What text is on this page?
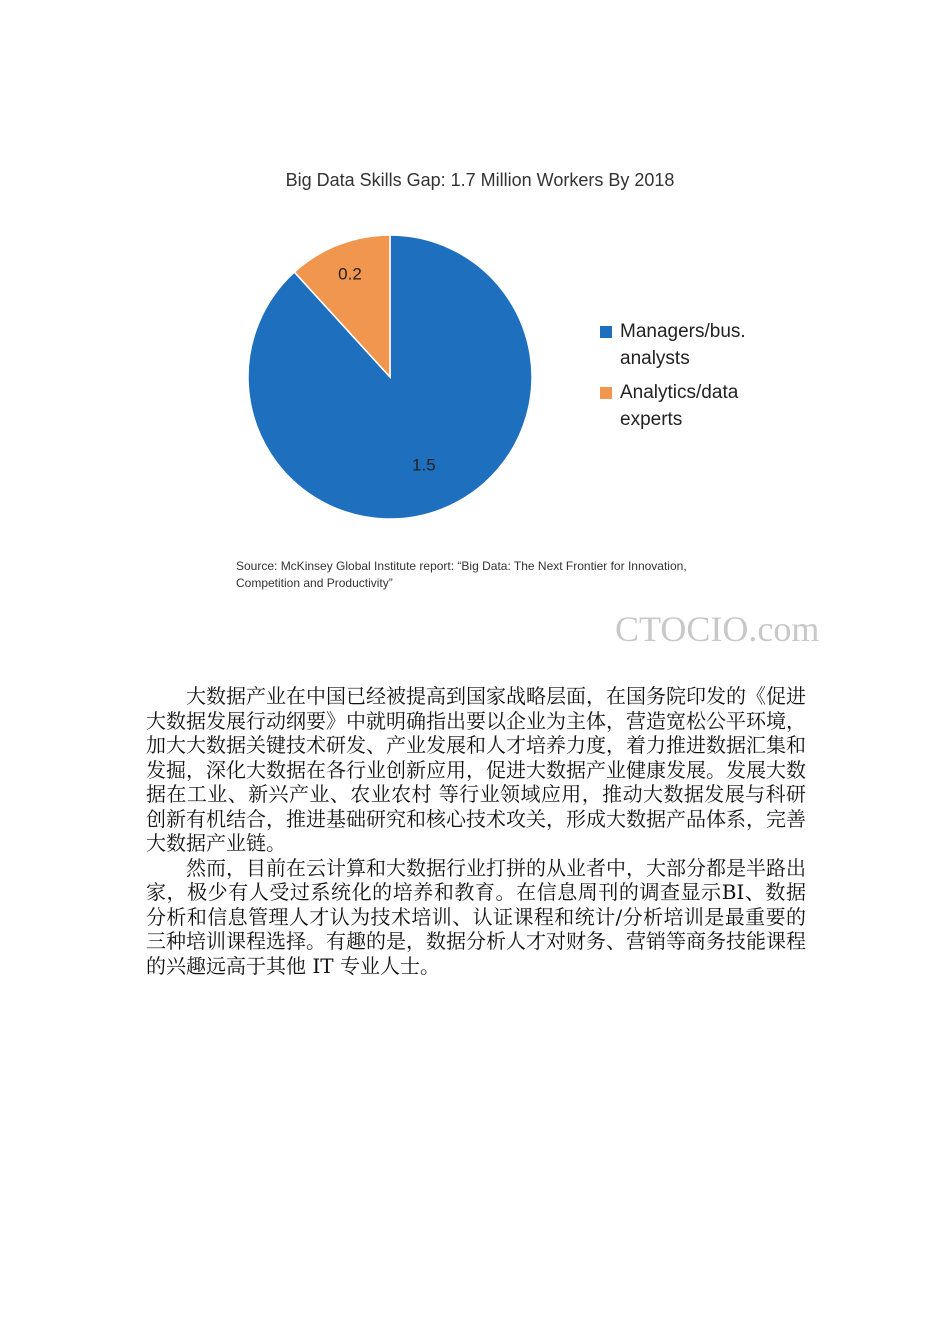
Big Data Skills Gap: 1.7 Million Workers By 2018
1.5
0.2
Managers/bus.
analysts
Analytics/data
experts
Source: McKinsey Global Institute report: “Big Data: The Next Frontier for Innovation,
Competition and Productivity”
CTOCIO.com

大数据产业在中国已经被提高到国家战略层面，在国务院印发的《促进大数据发展行动纲要》中就明确指出要以企业为主体，营造宽松公平环境，加大大数据关键技术研发、产业发展和人才培养力度，着力推进数据汇集和发掘，深化大数据在各行业创新应用，促进大数据产业健康发展。发展大数据在工业、新兴产业、农业农村 等行业领域应用，推动大数据发展与科研创新有机结合，推进基础研究和核心技术攻关，形成大数据产品体系，完善大数据产业链。

然而，目前在云计算和大数据行业打拼的从业者中，大部分都是半路出家，极少有人受过系统化的培养和教育。在信息周刊的调查显示BI、数据分析和信息管理人才认为技术培训、认证课程和统计/分析培训是最重要的三种培训课程选择。有趣的是，数据分析人才对财务、营销等商务技能课程的兴趣远高于其他 IT 专业人士。
